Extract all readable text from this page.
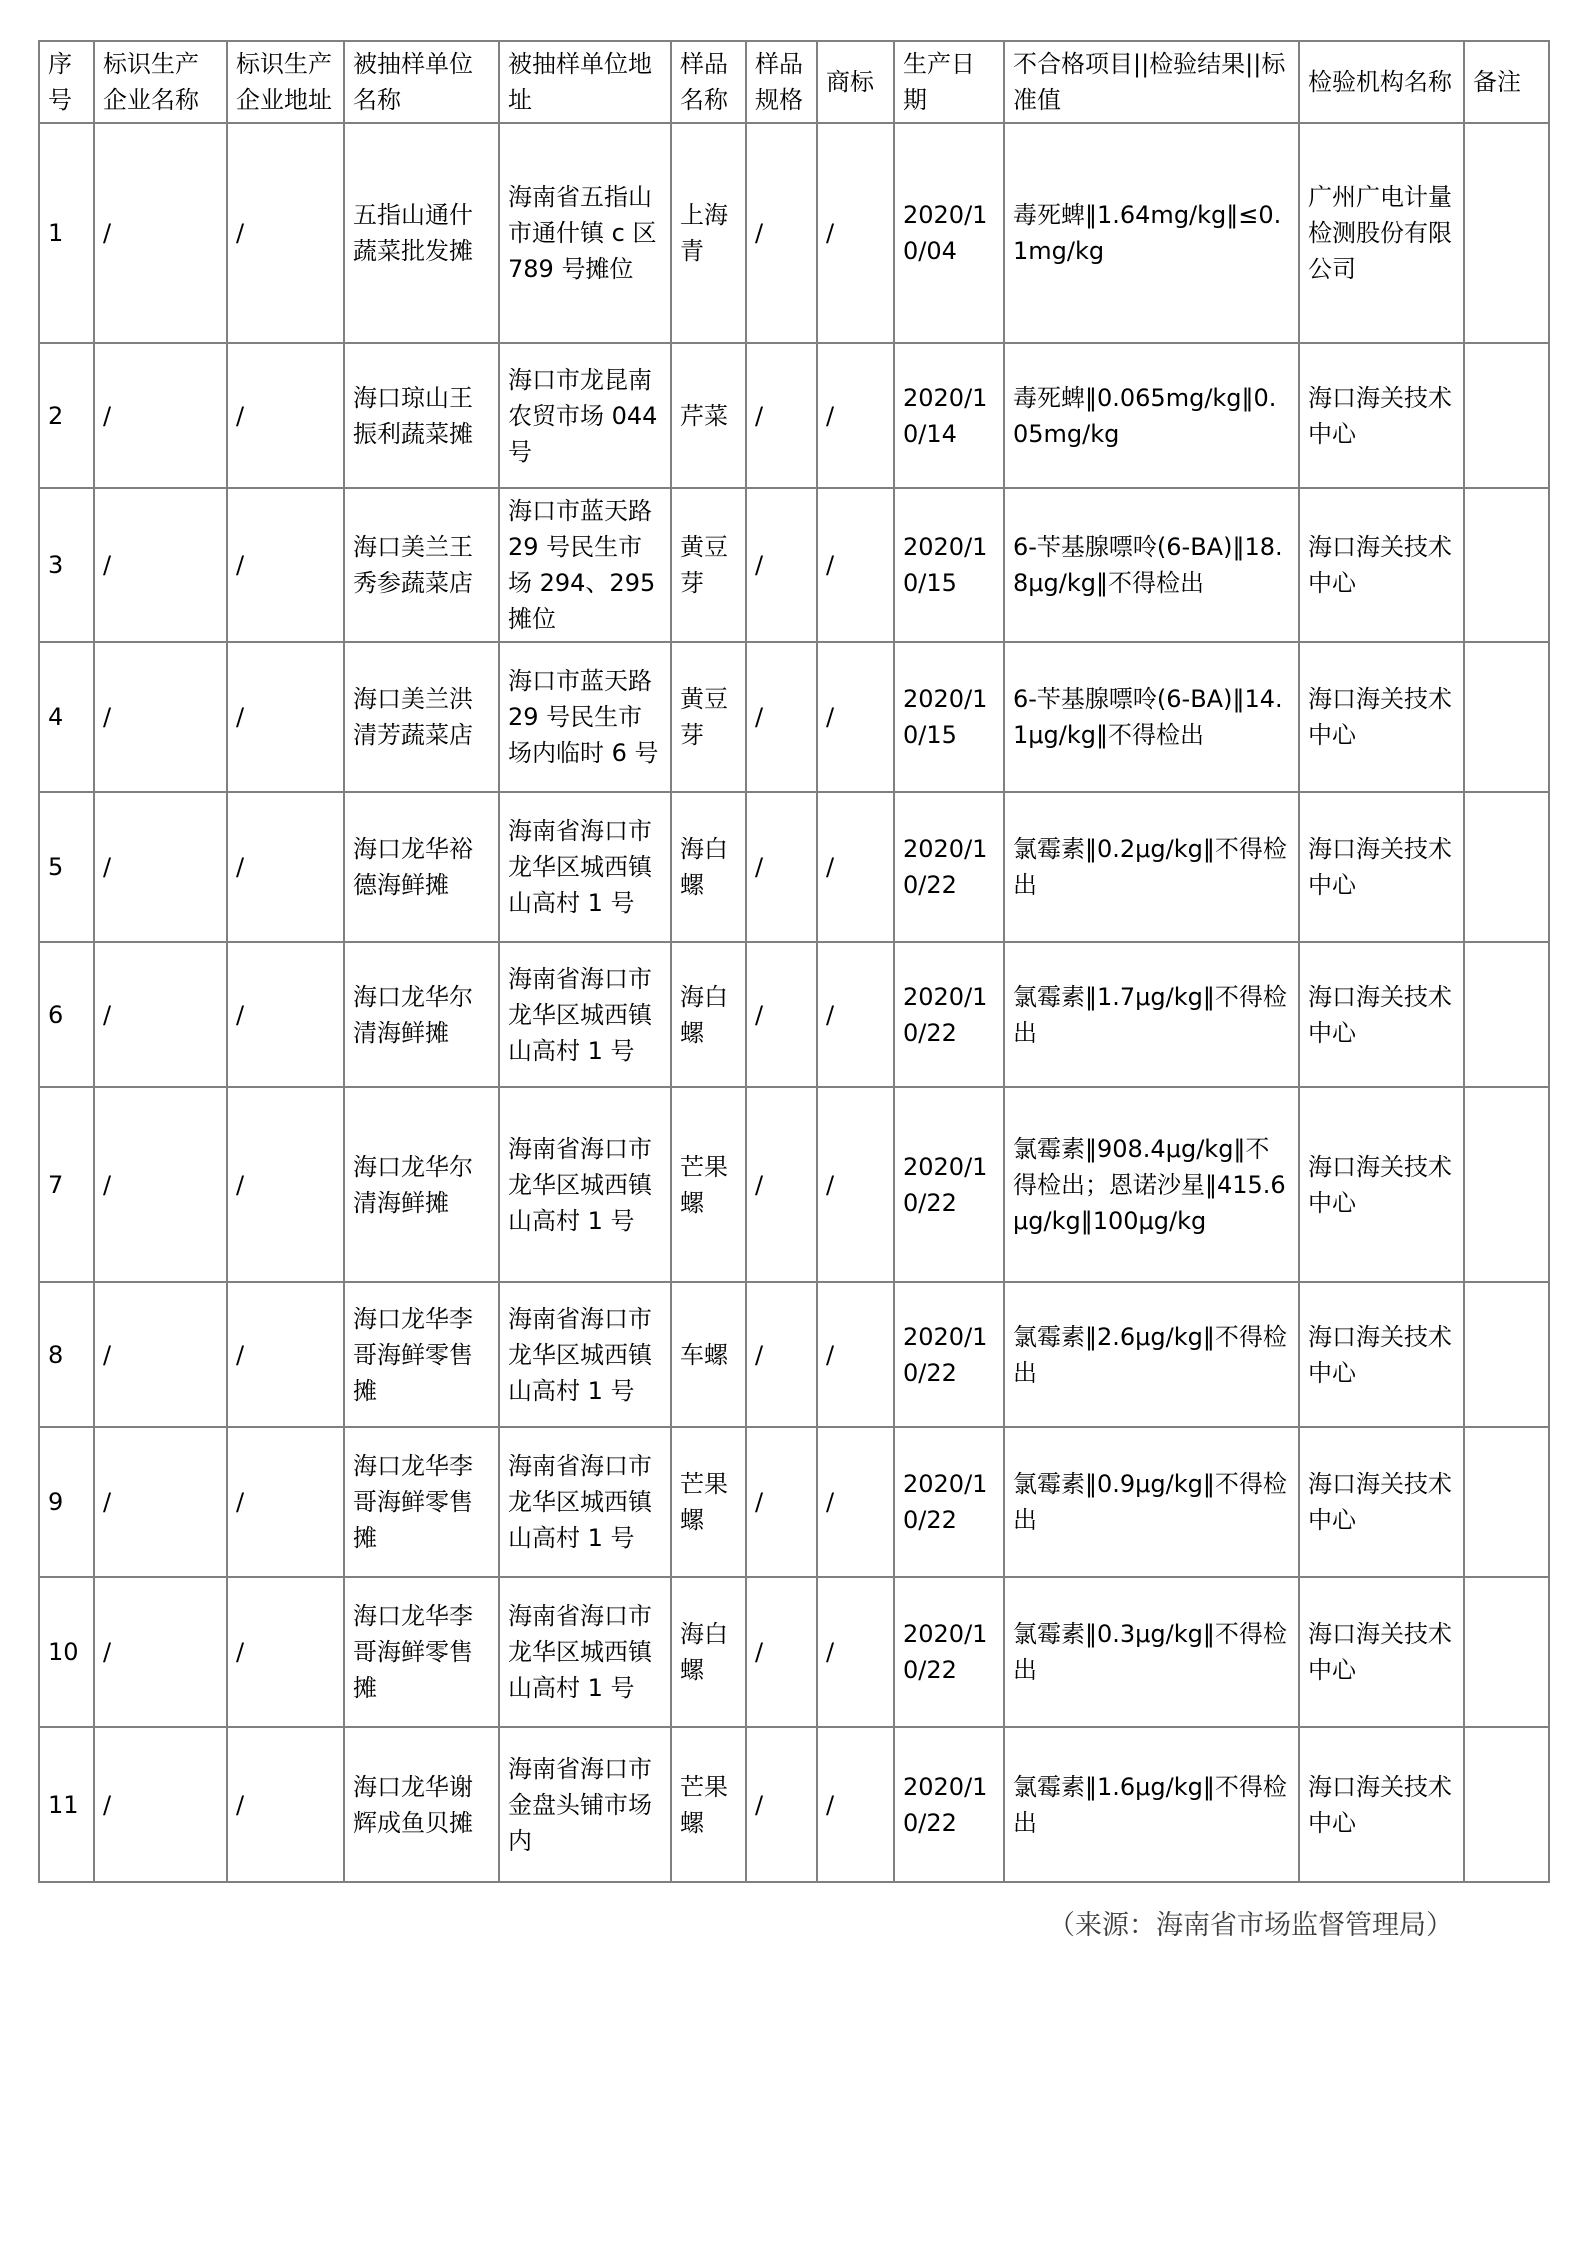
序号	标识生产企业名称	标识生产企业地址	被抽样单位名称	被抽样单位地址	样品名称	样品规格	商标	生产日期	不合格项目||检验结果||标准值	检验机构名称	备注
1	/	/	五指山通什蔬菜批发摊	海南省五指山市通什镇 c 区 789 号摊位	上海青	/	/	2020/10/04	毒死蜱‖1.64mg/kg‖≤0.1mg/kg	广州广电计量检测股份有限公司	
2	/	/	海口琼山王振利蔬菜摊	海口市龙昆南农贸市场 044 号	芹菜	/	/	2020/10/14	毒死蜱‖0.065mg/kg‖0.05mg/kg	海口海关技术中心	
3	/	/	海口美兰王秀参蔬菜店	海口市蓝天路 29 号民生市场 294、295 摊位	黄豆芽	/	/	2020/10/15	6-苄基腺嘌呤(6-BA)‖18.8μg/kg‖不得检出	海口海关技术中心	
4	/	/	海口美兰洪清芳蔬菜店	海口市蓝天路 29 号民生市场内临时 6 号	黄豆芽	/	/	2020/10/15	6-苄基腺嘌呤(6-BA)‖14.1μg/kg‖不得检出	海口海关技术中心	
5	/	/	海口龙华裕德海鲜摊	海南省海口市龙华区城西镇山高村 1 号	海白螺	/	/	2020/10/22	氯霉素‖0.2μg/kg‖不得检出	海口海关技术中心	
6	/	/	海口龙华尔清海鲜摊	海南省海口市龙华区城西镇山高村 1 号	海白螺	/	/	2020/10/22	氯霉素‖1.7μg/kg‖不得检出	海口海关技术中心	
7	/	/	海口龙华尔清海鲜摊	海南省海口市龙华区城西镇山高村 1 号	芒果螺	/	/	2020/10/22	氯霉素‖908.4μg/kg‖不得检出；恩诺沙星‖415.6μg/kg‖100μg/kg	海口海关技术中心	
8	/	/	海口龙华李哥海鲜零售摊	海南省海口市龙华区城西镇山高村 1 号	车螺	/	/	2020/10/22	氯霉素‖2.6μg/kg‖不得检出	海口海关技术中心	
9	/	/	海口龙华李哥海鲜零售摊	海南省海口市龙华区城西镇山高村 1 号	芒果螺	/	/	2020/10/22	氯霉素‖0.9μg/kg‖不得检出	海口海关技术中心	
10	/	/	海口龙华李哥海鲜零售摊	海南省海口市龙华区城西镇山高村 1 号	海白螺	/	/	2020/10/22	氯霉素‖0.3μg/kg‖不得检出	海口海关技术中心	
11	/	/	海口龙华谢辉成鱼贝摊	海南省海口市金盘头铺市场内	芒果螺	/	/	2020/10/22	氯霉素‖1.6μg/kg‖不得检出	海口海关技术中心	
（来源：海南省市场监督管理局）
